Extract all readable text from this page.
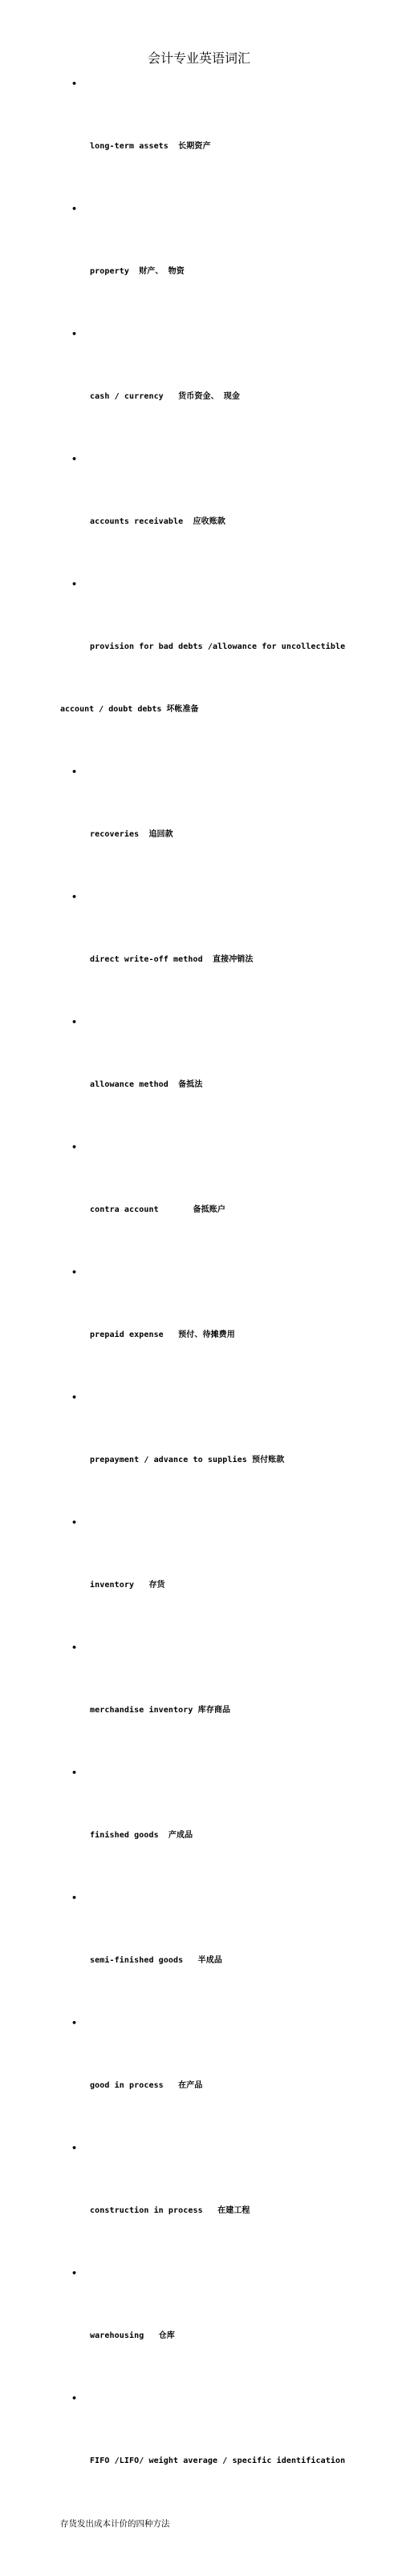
会计专业英语词汇

•

long-term assets  长期资产

•

property  财产、 物资

•

cash / currency   货币资金、 现金

•

accounts receivable  应收账款

•

provision for bad debts /allowance for uncollectible

account / doubt debts 坏帐准备

•

recoveries  追回款

•

direct write-off method  直接冲销法

•

allowance method  备抵法

•

contra account       备抵账户

•

prepaid expense   预付、待摊费用

•

prepayment / advance to supplies 预付账款

•

inventory   存货

•

merchandise inventory 库存商品

•

finished goods  产成品

•

semi-finished goods   半成品

•

good in process   在产品

•

construction in process   在建工程

•

warehousing   仓库

•

FIFO /LIFO/ weight average / specific identification

存货发出成本计价的四种方法
